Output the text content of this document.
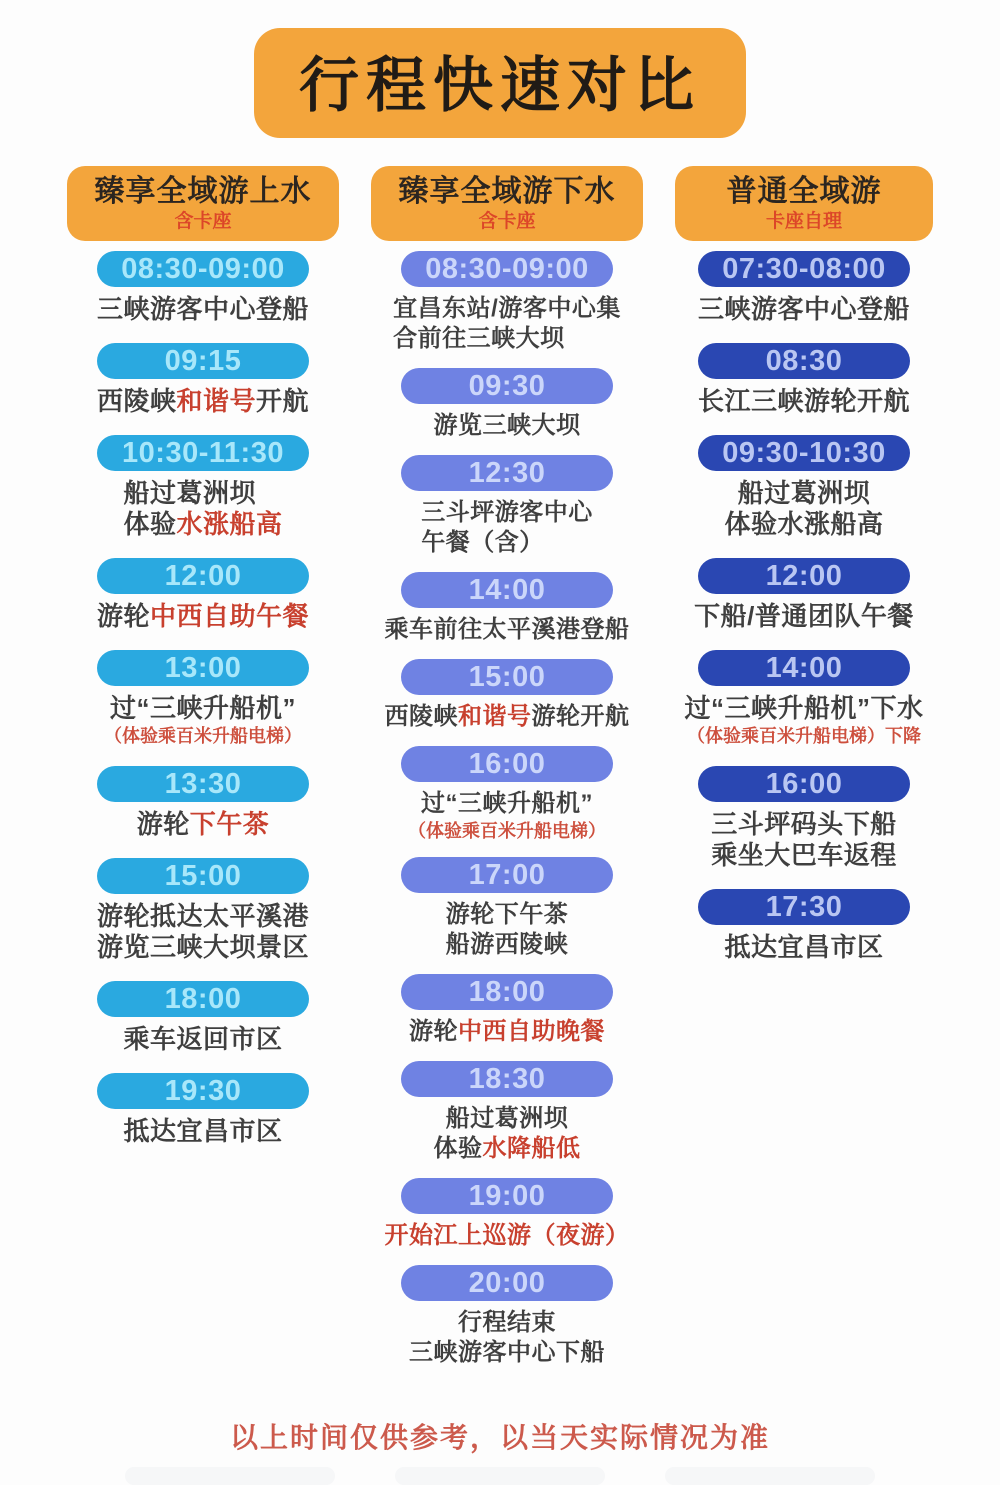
行程快速对比
臻享全域游上水
含卡座
08:30-09:00
三峡游客中心登船
09:15
西陵峡和谐号开航
10:30-11:30
船过葛洲坝
体验水涨船高
12:00
游轮中西自助午餐
13:00
过“三峡升船机”
（体验乘百米升船电梯）
13:30
游轮下午茶
15:00
游轮抵达太平溪港
游览三峡大坝景区
18:00
乘车返回市区
19:30
抵达宜昌市区
臻享全域游下水
含卡座
08:30-09:00
宜昌东站/游客中心集
合前往三峡大坝
09:30
游览三峡大坝
12:30
三斗坪游客中心
午餐（含）
14:00
乘车前往太平溪港登船
15:00
西陵峡和谐号游轮开航
16:00
过“三峡升船机”
（体验乘百米升船电梯）
17:00
游轮下午茶
船游西陵峡
18:00
游轮中西自助晚餐
18:30
船过葛洲坝
体验水降船低
19:00
开始江上巡游（夜游）
20:00
行程结束
三峡游客中心下船
普通全域游
卡座自理
07:30-08:00
三峡游客中心登船
08:30
长江三峡游轮开航
09:30-10:30
船过葛洲坝
体验水涨船高
12:00
下船/普通团队午餐
14:00
过“三峡升船机”下水
（体验乘百米升船电梯）下降
16:00
三斗坪码头下船
乘坐大巴车返程
17:30
抵达宜昌市区
以上时间仅供参考，以当天实际情况为准
